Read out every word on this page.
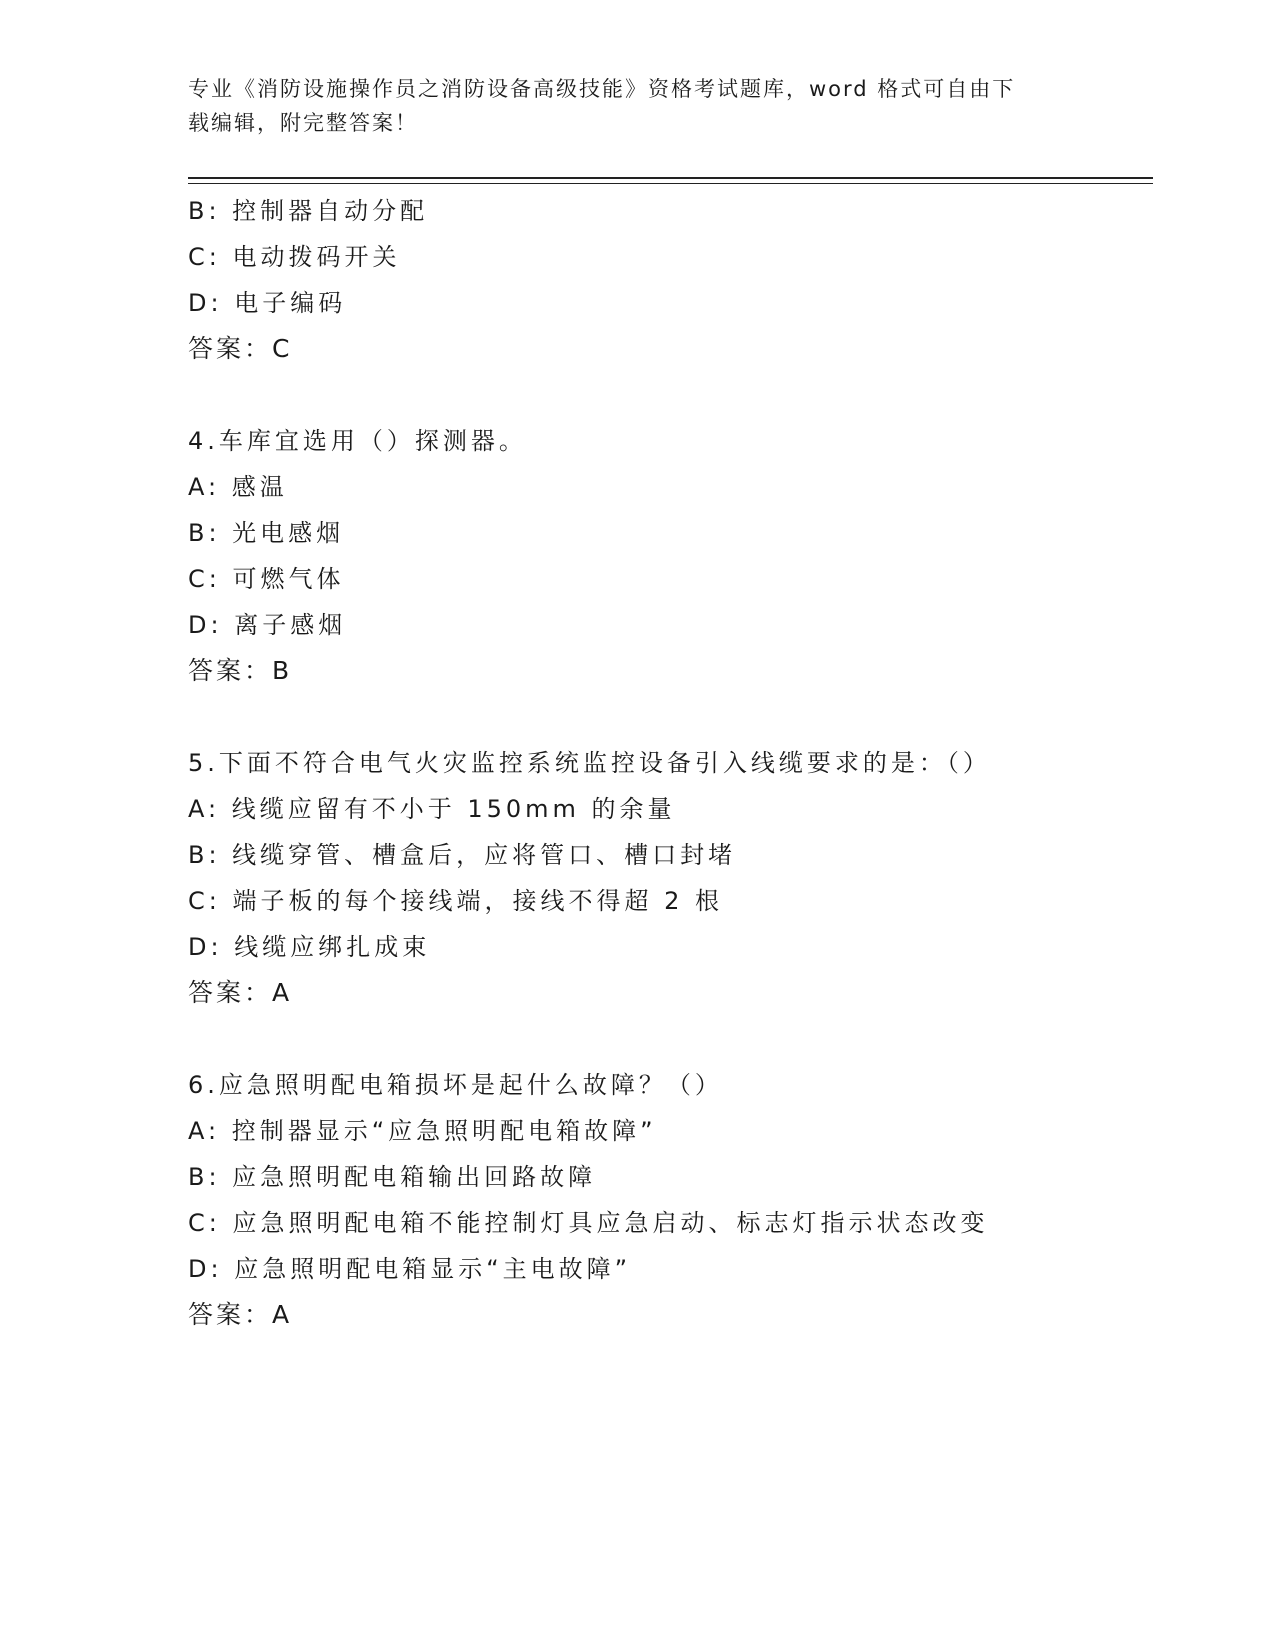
专业《消防设施操作员之消防设备高级技能》资格考试题库，word 格式可自由下
载编辑，附完整答案！
B: 控制器自动分配
C: 电动拨码开关
D: 电子编码
答案：C
4.车库宜选用（）探测器。
A: 感温
B: 光电感烟
C: 可燃气体
D: 离子感烟
答案：B
5.下面不符合电气火灾监控系统监控设备引入线缆要求的是：（）
A: 线缆应留有不小于 150mm 的余量
B: 线缆穿管、槽盒后，应将管口、槽口封堵
C: 端子板的每个接线端，接线不得超 2 根
D: 线缆应绑扎成束
答案：A
6.应急照明配电箱损坏是起什么故障？（）
A: 控制器显示“应急照明配电箱故障”
B: 应急照明配电箱输出回路故障
C: 应急照明配电箱不能控制灯具应急启动、标志灯指示状态改变
D: 应急照明配电箱显示“主电故障”
答案：A
